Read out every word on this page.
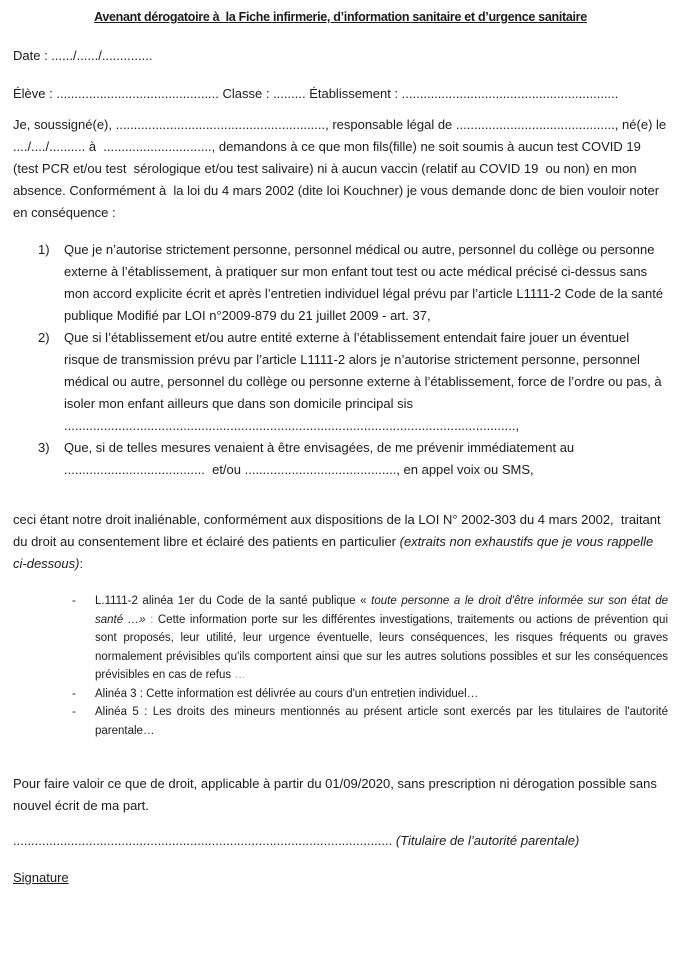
Avenant dérogatoire à  la Fiche infirmerie, d’information sanitaire et d’urgence sanitaire
Date : ....../....../..............
Élève : ............................................. Classe : ......... Établissement : ............................................................
Je, soussigné(e), .........................................................., responsable légal de ............................................, né(e) le ..../..../.......... à  .............................., demandons à ce que mon fils(fille) ne soit soumis à aucun test COVID 19 (test PCR et/ou test  sérologique et/ou test salivaire) ni à aucun vaccin (relatif au COVID 19  ou non) en mon absence. Conformément à  la loi du 4 mars 2002 (dite loi Kouchner) je vous demande donc de bien vouloir noter en conséquence :
1)	Que je n’autorise strictement personne, personnel médical ou autre, personnel du collège ou personne externe à l’établissement, à pratiquer sur mon enfant tout test ou acte médical précisé ci-dessus sans mon accord explicite écrit et après l’entretien individuel légal prévu par l’article L1111-2 Code de la santé publique Modifié par LOI n°2009-879 du 21 juillet 2009 - art. 37,
2)	Que si l’établissement et/ou autre entité externe à l’établissement entendait faire jouer un éventuel risque de transmission prévu par l’article L1111-2 alors je n’autorise strictement personne, personnel médical ou autre, personnel du collège ou personne externe à l’établissement, force de l’ordre ou pas, à isoler mon enfant ailleurs que dans son domicile principal sis .............................................................................................................................,
3)	Que, si de telles mesures venaient à être envisagées, de me prévenir immédiatement au .......................................  et/ou .........................................., en appel voix ou SMS,
ceci étant notre droit inaliénable, conformément aux dispositions de la LOI N° 2002-303 du 4 mars 2002,  traitant du droit au consentement libre et éclairé des patients en particulier (extraits non exhaustifs que je vous rappelle ci-dessous):
- L.1111-2 alinéa 1er du Code de la santé publique « toute personne a le droit d'être informée sur son état de santé …» : Cette information porte sur les différentes investigations, traitements ou actions de prévention qui sont proposés, leur utilité, leur urgence éventuelle, leurs conséquences, les risques fréquents ou graves normalement prévisibles qu'ils comportent ainsi que sur les autres solutions possibles et sur les conséquences prévisibles en cas de refus …
- Alinéa 3 : Cette information est délivrée au cours d'un entretien individuel…
- Alinéa 5 : Les droits des mineurs mentionnés au présent article sont exercés par les titulaires de l'autorité parentale…
Pour faire valoir ce que de droit, applicable à partir du 01/09/2020, sans prescription ni dérogation possible sans nouvel écrit de ma part.
......................................................................................................... (Titulaire de l’autorité parentale)
Signature
